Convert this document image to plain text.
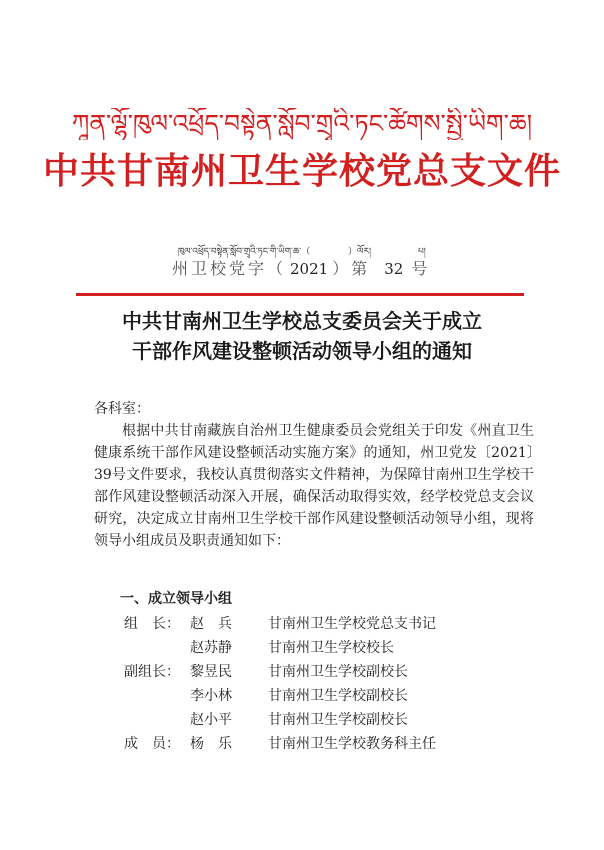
ཀཱན་ལྷོ་ཁུལ་འཕྲོད་བསྟེན་སློབ་གྲྭའི་ཏང་ཚོགས་སྤྱི་ཡིག་ཆ།
中共甘南州卫生学校党总支文件
ཁུལ་འཕྲོད་བསྟེན་སློབ་གྲྭའི་ཏང་གི་ཡིག་ཆ་（	）ལོར།	པ།
州卫校党字（ 2021 ）第 32 号
中共甘南州卫生学校总支委员会关于成立
干部作风建设整顿活动领导小组的通知
各科室：
根据中共甘南藏族自治州卫生健康委员会党组关于印发《州直卫生健康系统干部作风建设整顿活动实施方案》的通知，州卫党发〔2021〕39号文件要求，我校认真贯彻落实文件精神，为保障甘南州卫生学校干部作风建设整顿活动深入开展，确保活动取得实效，经学校党总支会议研究，决定成立甘南州卫生学校干部作风建设整顿活动领导小组，现将领导小组成员及职责通知如下：
一、成立领导小组
组　长： 赵　兵	甘南州卫生学校党总支书记
赵苏静	甘南州卫生学校校长
副组长： 黎昱民	甘南州卫生学校副校长
李小林	甘南州卫生学校副校长
赵小平	甘南州卫生学校副校长
成　员： 杨　乐	甘南州卫生学校教务科主任
